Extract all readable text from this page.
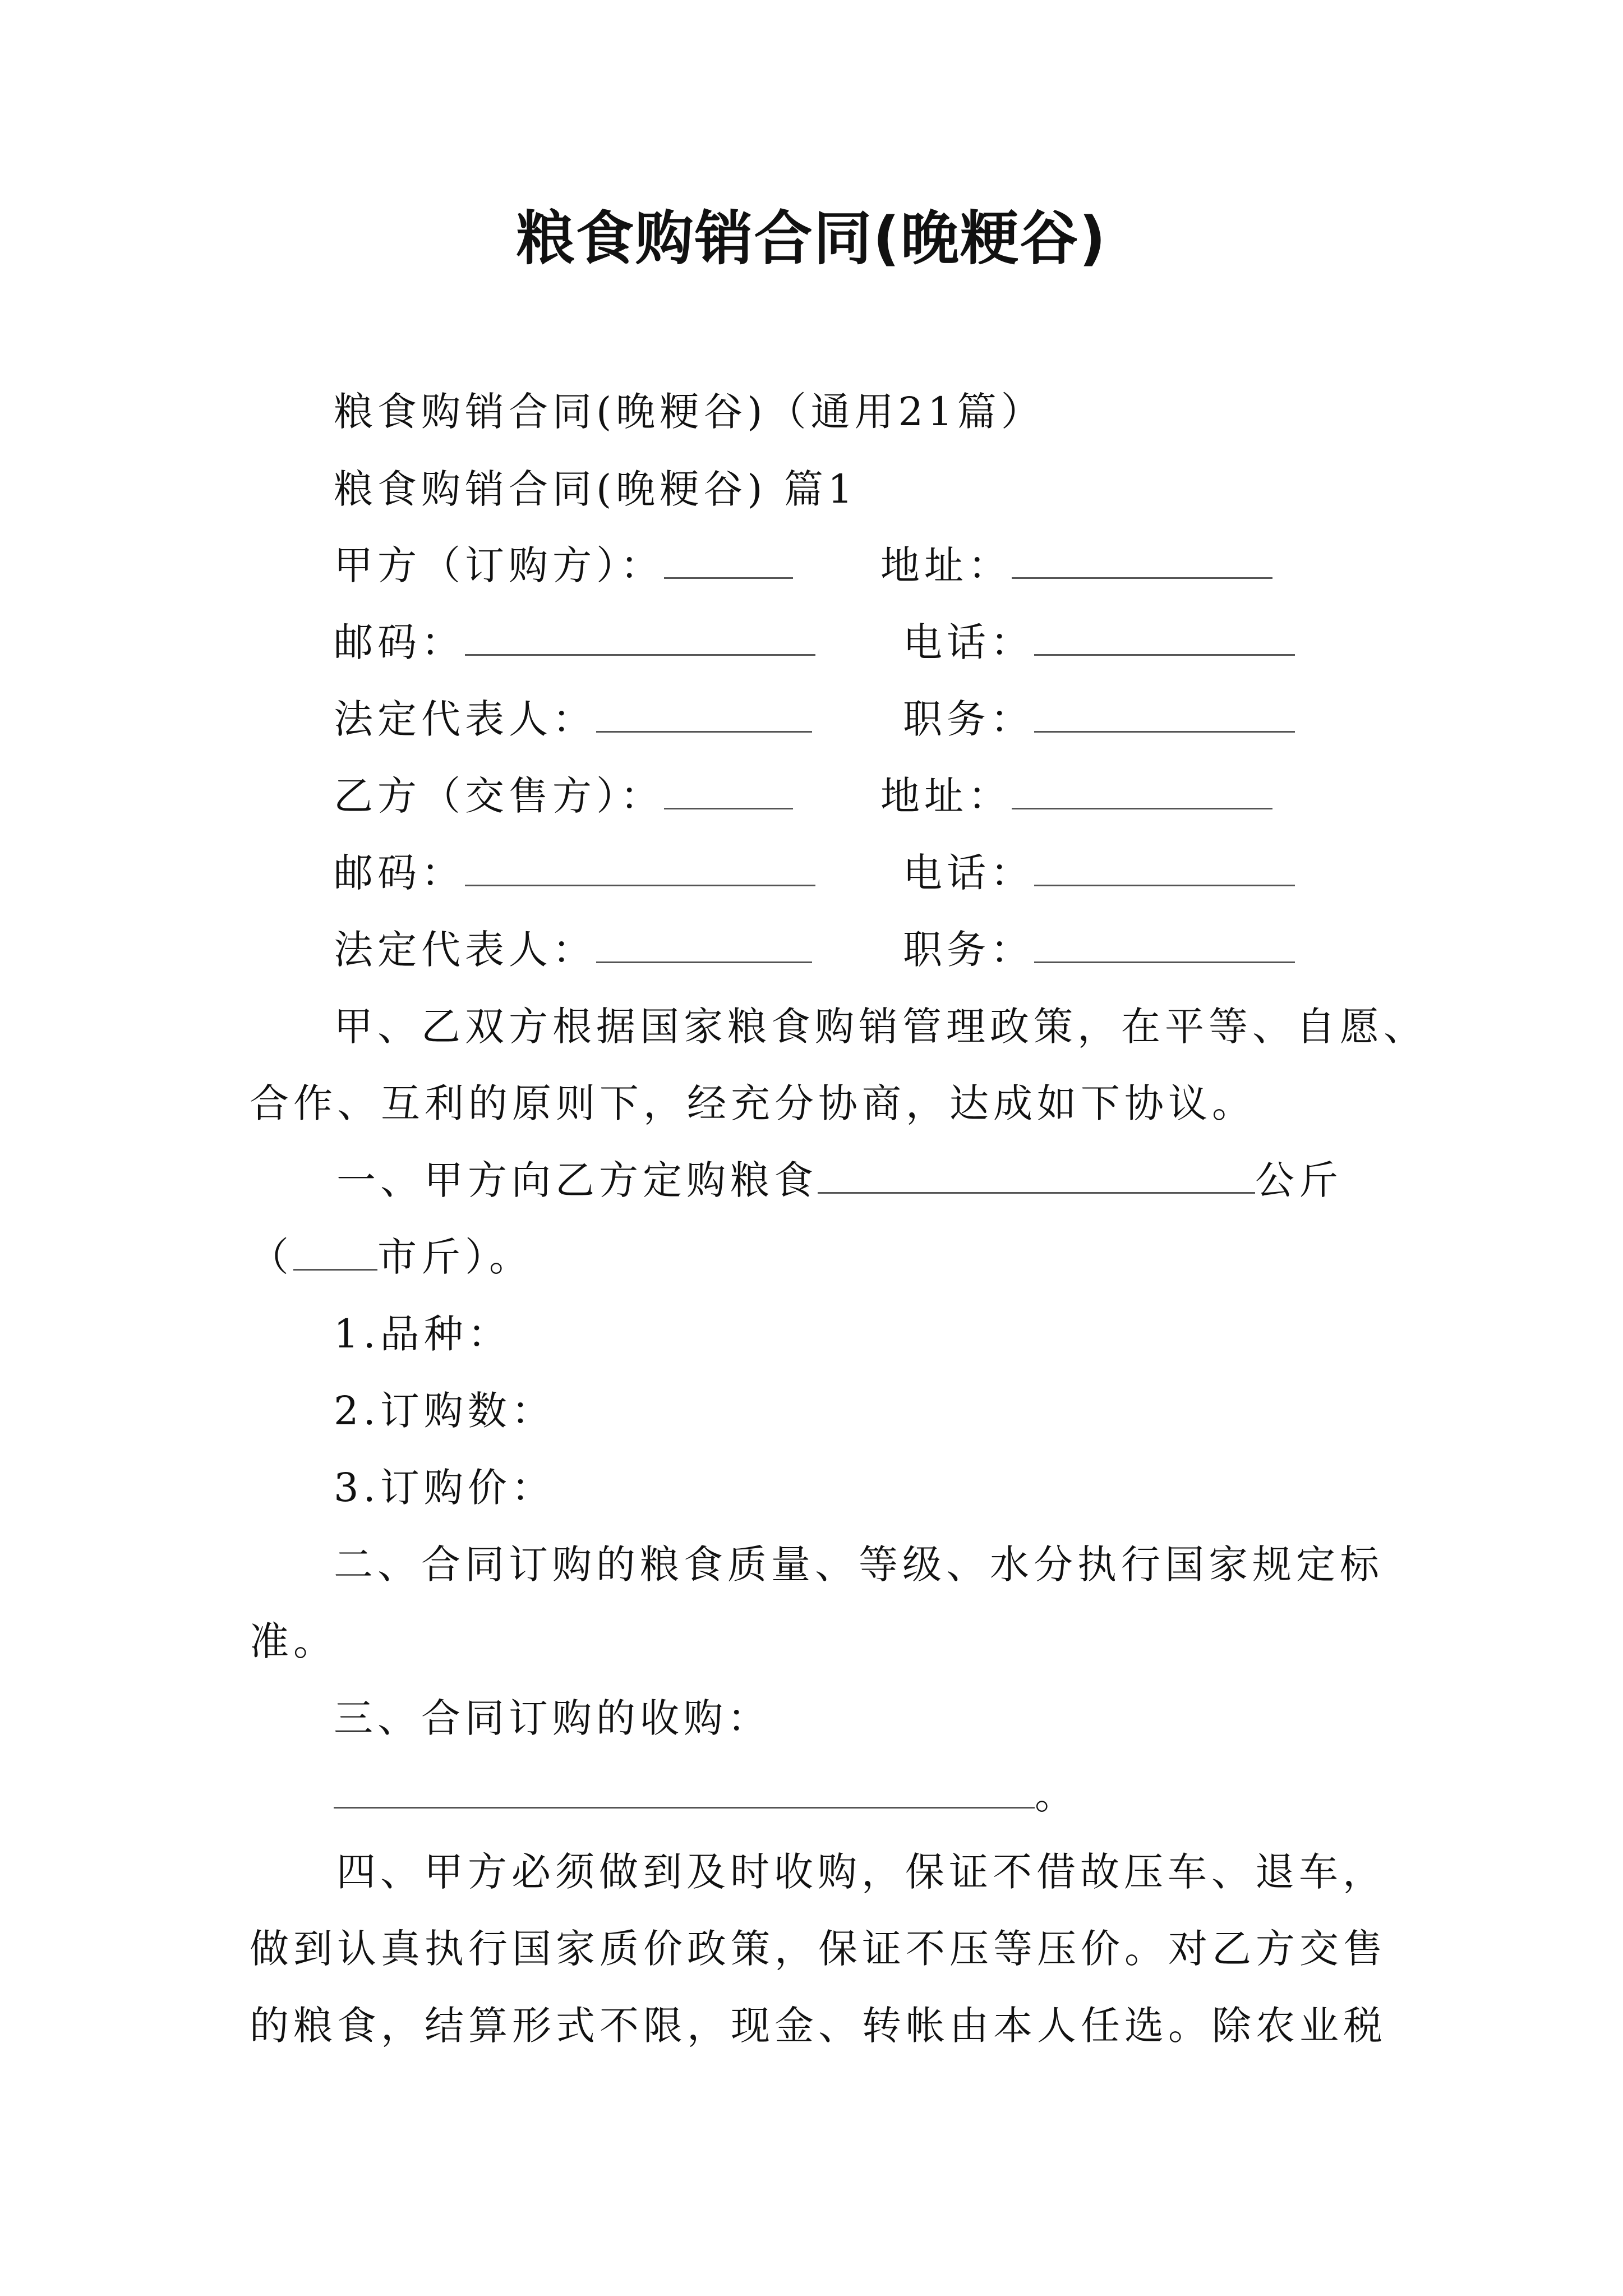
粮食购销合同(晚粳谷)
粮食购销合同(晚粳谷)（通用21篇）
粮食购销合同(晚粳谷) 篇1
甲方（订购方）：	地址：
邮码：	电话：
法定代表人：	职务：
乙方（交售方）：	地址：
邮码：	电话：
法定代表人：	职务：
甲、乙双方根据国家粮食购销管理政策，在平等、自愿、
合作、互利的原则下，经充分协商，达成如下协议。
一、甲方向乙方定购粮食	公斤
（ 市斤）。
1.品种：
2.订购数：
3.订购价：
二、合同订购的粮食质量、等级、水分执行国家规定标
准。
三、合同订购的收购：
。
四、甲方必须做到及时收购，保证不借故压车、退车，
做到认真执行国家质价政策，保证不压等压价。对乙方交售
的粮食，结算形式不限，现金、转帐由本人任选。除农业税
